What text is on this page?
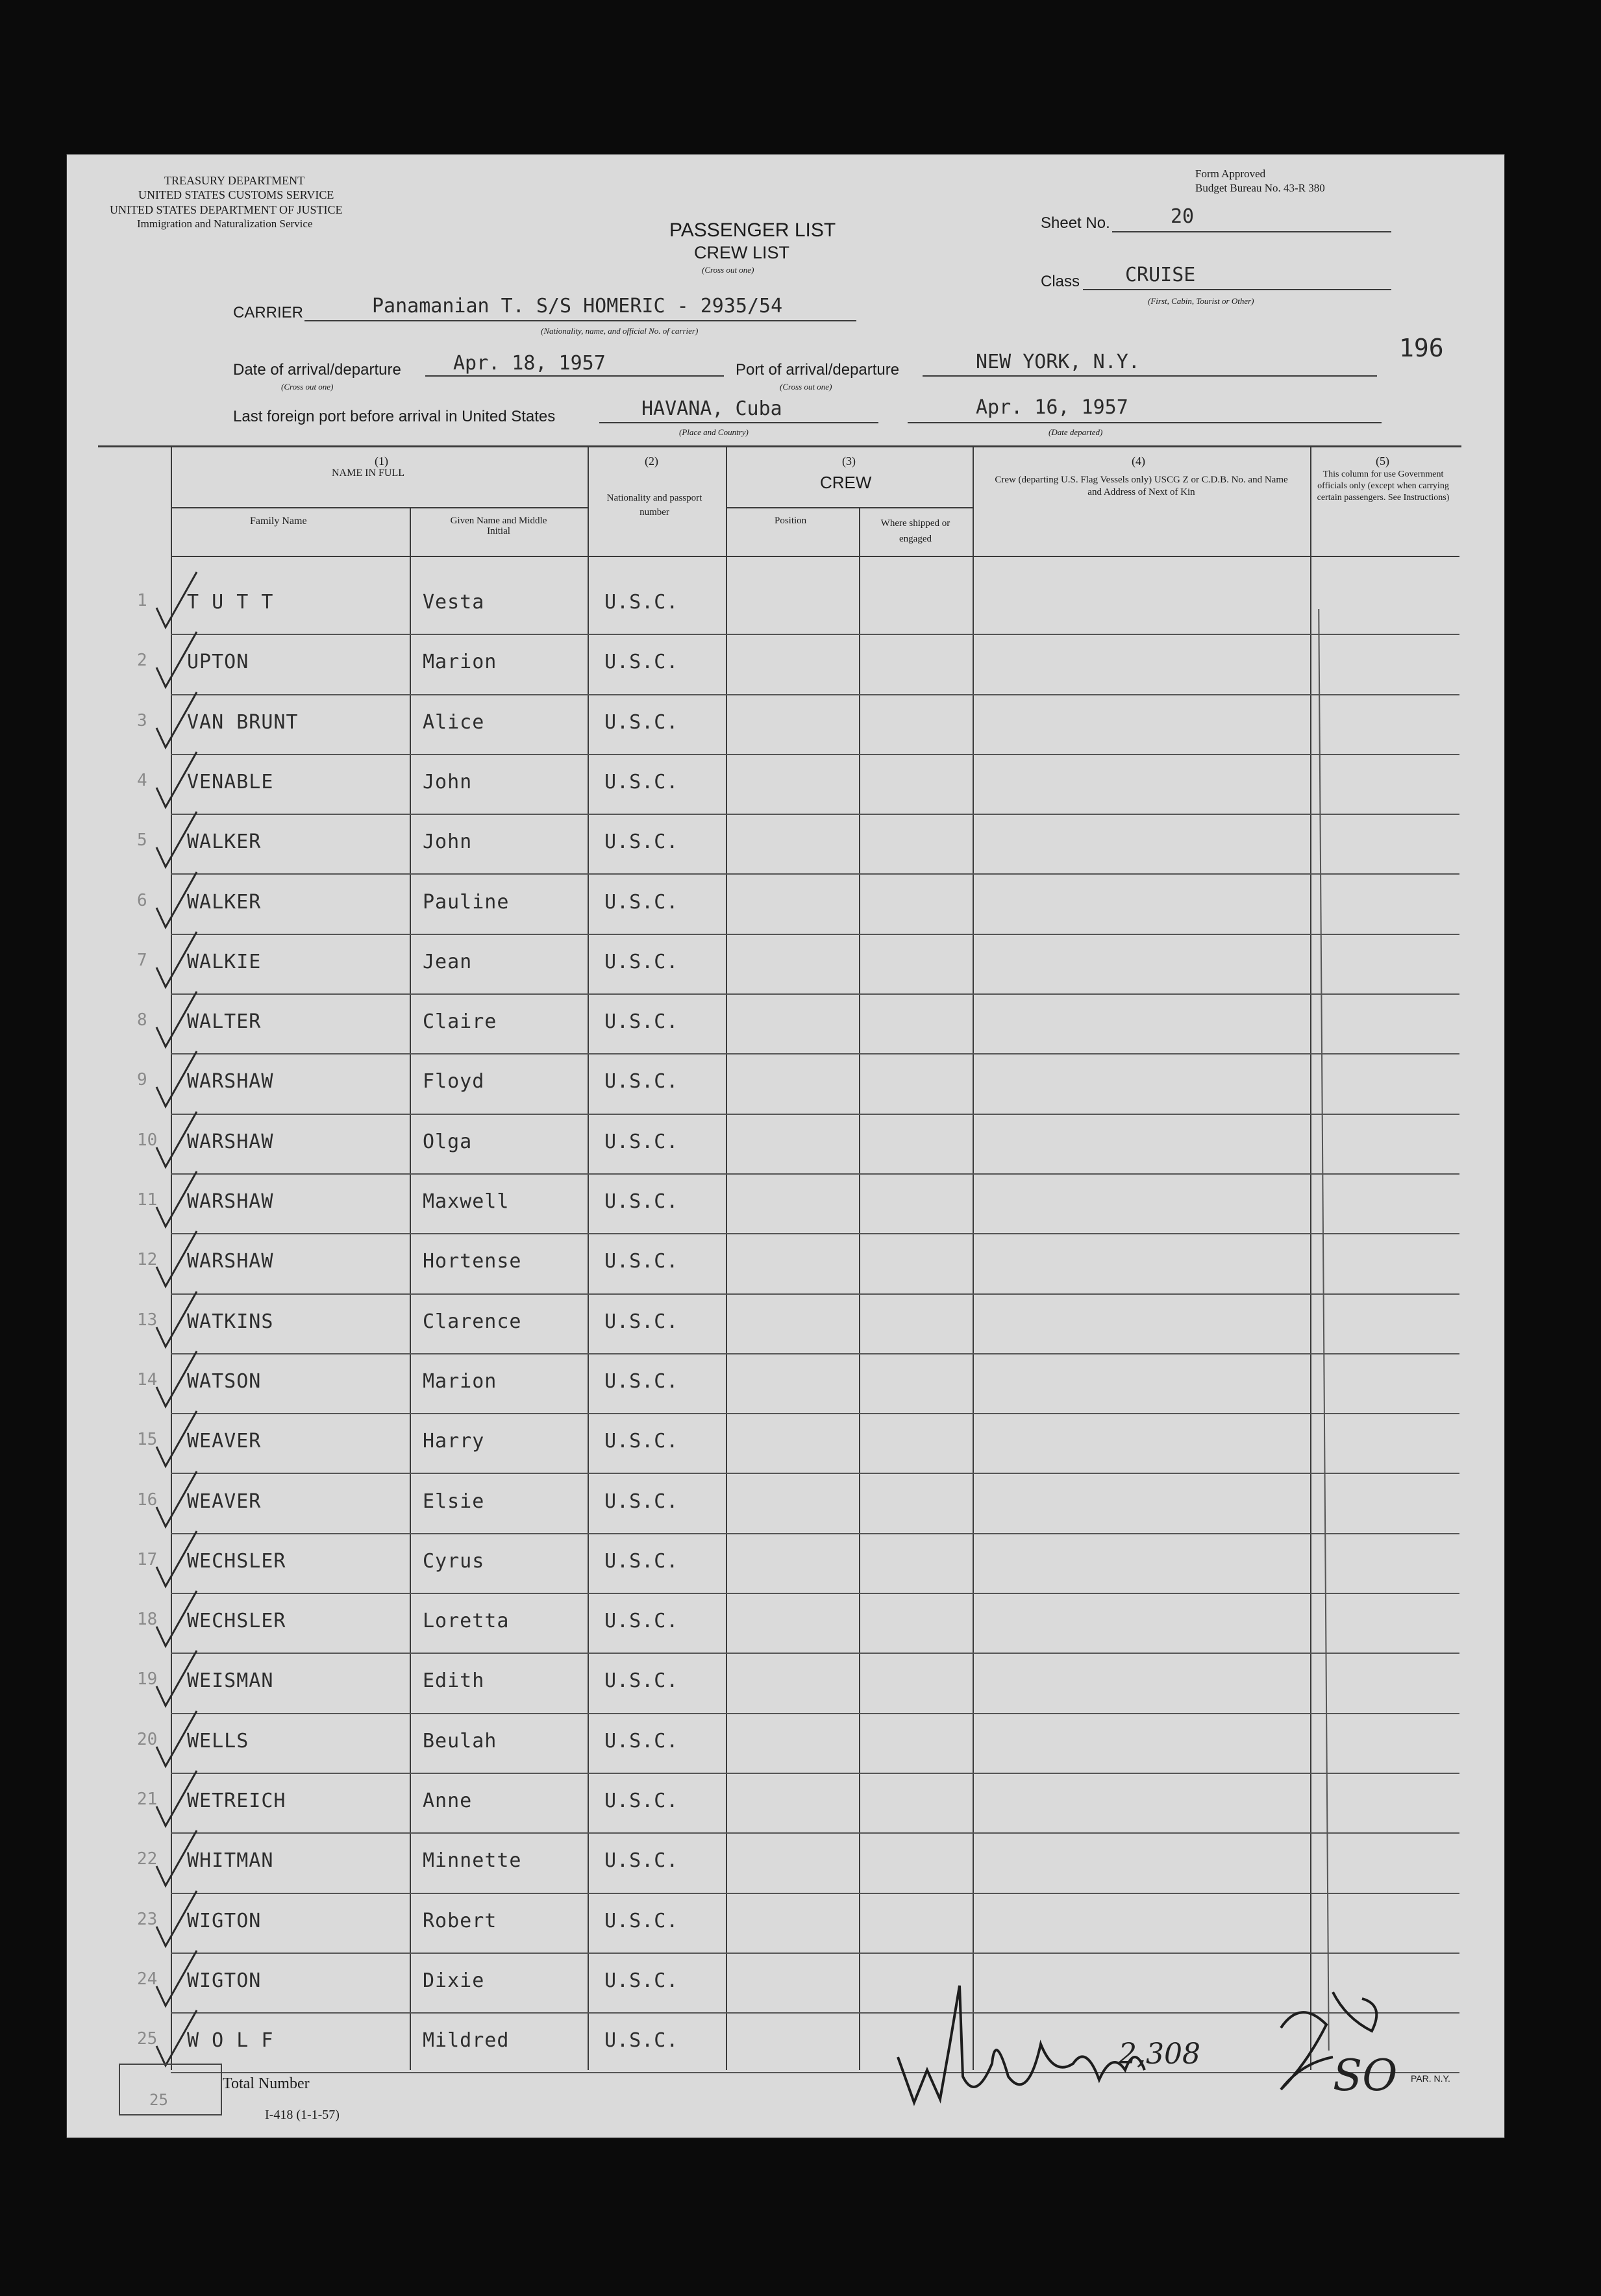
TREASURY DEPARTMENT
UNITED STATES CUSTOMS SERVICE
UNITED STATES DEPARTMENT OF JUSTICE
Immigration and Naturalization Service
Form Approved
Budget Bureau No. 43-R 380
PASSENGER LIST
CREW LIST
(Cross out one)
Sheet No.	20
Class CRUISE
(First, Cabin, Tourist or Other)
196
CARRIER	Panamanian T. S/S HOMERIC - 2935/54
(Nationality, name, and official No. of carrier)
Date of arrival/departure
(Cross out one)
Apr. 18, 1957	Port of arrival/departure
(Cross out one)
NEW YORK, N.Y.
Last foreign port before arrival in United States	HAVANA, Cuba
(Place and Country)
Apr. 16, 1957
(Date departed)
(1)
NAME IN FULL
Family Name	Given Name and Middle Initial
(2)
Nationality and passport number
(3)
CREW
Position	Where shipped or engaged
(4)
Crew (departing U.S. Flag Vessels only) USCG Z or C.D.B. No. and Name and Address of Next of Kin
(5)
This column for use Government officials only (except when carrying certain passengers. See Instructions)
1 T U T T	Vesta	U.S.C.
2 UPTON	Marion	U.S.C.
3 VAN BRUNT	Alice	U.S.C.
4 VENABLE	John	U.S.C.
5 WALKER	John	U.S.C.
6 WALKER	Pauline	U.S.C.
7 WALKIE	Jean	U.S.C.
8 WALTER	Claire	U.S.C.
9 WARSHAW	Floyd	U.S.C.
10 WARSHAW	Olga	U.S.C.
11 WARSHAW	Maxwell	U.S.C.
12 WARSHAW	Hortense	U.S.C.
13 WATKINS	Clarence	U.S.C.
14 WATSON	Marion	U.S.C.
15 WEAVER	Harry	U.S.C.
16 WEAVER	Elsie	U.S.C.
17 WECHSLER	Cyrus	U.S.C.
18 WECHSLER	Loretta	U.S.C.
19 WEISMAN	Edith	U.S.C.
20 WELLS	Beulah	U.S.C.
21 WETREICH	Anne	U.S.C.
22 WHITMAN	Minnette	U.S.C.
23 WIGTON	Robert	U.S.C.
24 WIGTON	Dixie	U.S.C.
25 W O L F	Mildred	U.S.C.
25
Total Number
I-418 (1-1-57)
2,308	SO PAR. N.Y.
